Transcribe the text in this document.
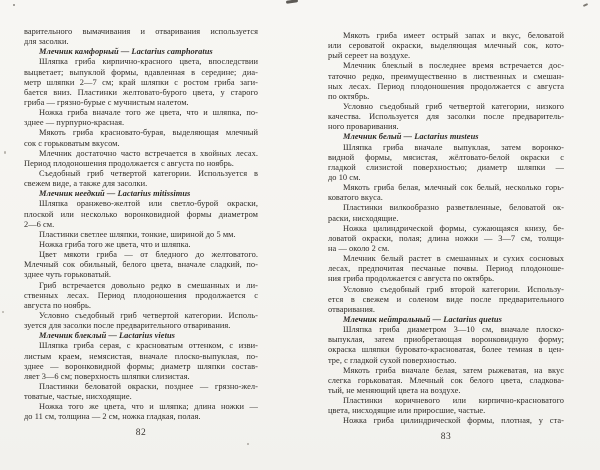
варительного вымачивания и отваривания используется
для засолки.
Млечник камфорный — Lactarius camphoratus
Шляпка гриба кирпично-красного цвета, впоследствии
выцветает; выпуклой формы, вдавленная в середине; диа-
метр шляпки 2—7 см; край шляпки с ростом гриба заги-
бается вниз. Пластинки желтовато-бурого цвета, у старого
гриба — грязно-бурые с мучнистым налетом.
Ножка гриба вначале того же цвета, что и шляпка, по-
зднее — пурпурно-красная.
Мякоть гриба красновато-бурая, выделяющая млечный
сок с горьковатым вкусом.
Млечник достаточно часто встречается в хвойных лесах.
Период плодоношения продолжается с августа по ноябрь.
Съедобный гриб четвертой категории. Используется в
свежем виде, а также для засолки.
Млечник неедкий — Lactarius mitissimus
Шляпка оранжево-желтой или светло-бурой окраски,
плоской или несколько воронковидной формы диаметром
2—6 см.
Пластинки светлее шляпки, тонкие, шириной до 5 мм.
Ножка гриба того же цвета, что и шляпка.
Цвет мякоти гриба — от бледного до желтоватого.
Млечный сок обильный, белого цвета, вначале сладкий, по-
зднее чуть горьковатый.
Гриб встречается довольно редко в смешанных и ли-
ственных лесах. Период плодоношения продолжается с
августа по ноябрь.
Условно съедобный гриб четвертой категории. Исполь-
зуется для засолки после предварительного отваривания.
Млечник блеклый — Lactarius vietus
Шляпка гриба серая, с красноватым оттенком, с изви-
листым краем, немясистая, вначале плоско-выпуклая, по-
зднее — воронковидной формы; диаметр шляпки состав-
ляет 3—6 см; поверхность шляпки слизистая.
Пластинки беловатой окраски, позднее — грязно-жел-
товатые, частые, нисходящие.
Ножка того же цвета, что и шляпка; длина ножки —
до 11 см, толщина — 2 см, ножка гладкая, полая.
Мякоть гриба имеет острый запах и вкус, беловатой
или сероватой окраски, выделяющая млечный сок, кото-
рый сереет на воздухе.
Млечник блеклый в последнее время встречается дос-
таточно редко, преимущественно в лиственных и смешан-
ных лесах. Период плодоношения продолжается с августа
по октябрь.
Условно съедобный гриб четвертой категории, низкого
качества. Используется для засолки после предваритель-
ного проваривания.
Млечник белый — Lactarius musteus
Шляпка гриба вначале выпуклая, затем воронко-
видной формы, мясистая, жёлтовато-белой окраски с
гладкой слизистой поверхностью; диаметр шляпки —
до 10 см.
Мякоть гриба белая, млечный сок белый, несколько горь-
коватого вкуса.
Пластинки вилкообразно разветвленные, беловатой ок-
раски, нисходящие.
Ножка цилиндрической формы, сужающаяся книзу, бе-
ловатой окраски, полая; длина ножки — 3—7 см, толщи-
на — около 2 см.
Млечник белый растет в смешанных и сухих сосновых
лесах, предпочитая песчаные почвы. Период плодоноше-
ния гриба продолжается с августа по октябрь.
Условно съедобный гриб второй категории. Использу-
ется в свежем и соленом виде после предварительного
отваривания.
Млечник нейтральный — Lactarius quetus
Шляпка гриба диаметром 3—10 см, вначале плоско-
выпуклая, затем приобретающая воронковидную форму;
окраска шляпки буровато-красноватая, более темная в цен-
тре, с гладкой сухой поверхностью.
Мякоть гриба вначале белая, затем рыжеватая, на вкус
слегка горьковатая. Млечный сок белого цвета, сладкова-
тый, не меняющий цвета на воздухе.
Пластинки коричневого или кирпично-красноватого
цвета, нисходящие или приросшие, частые.
Ножка гриба цилиндрической формы, плотная, у ста-
82	83
